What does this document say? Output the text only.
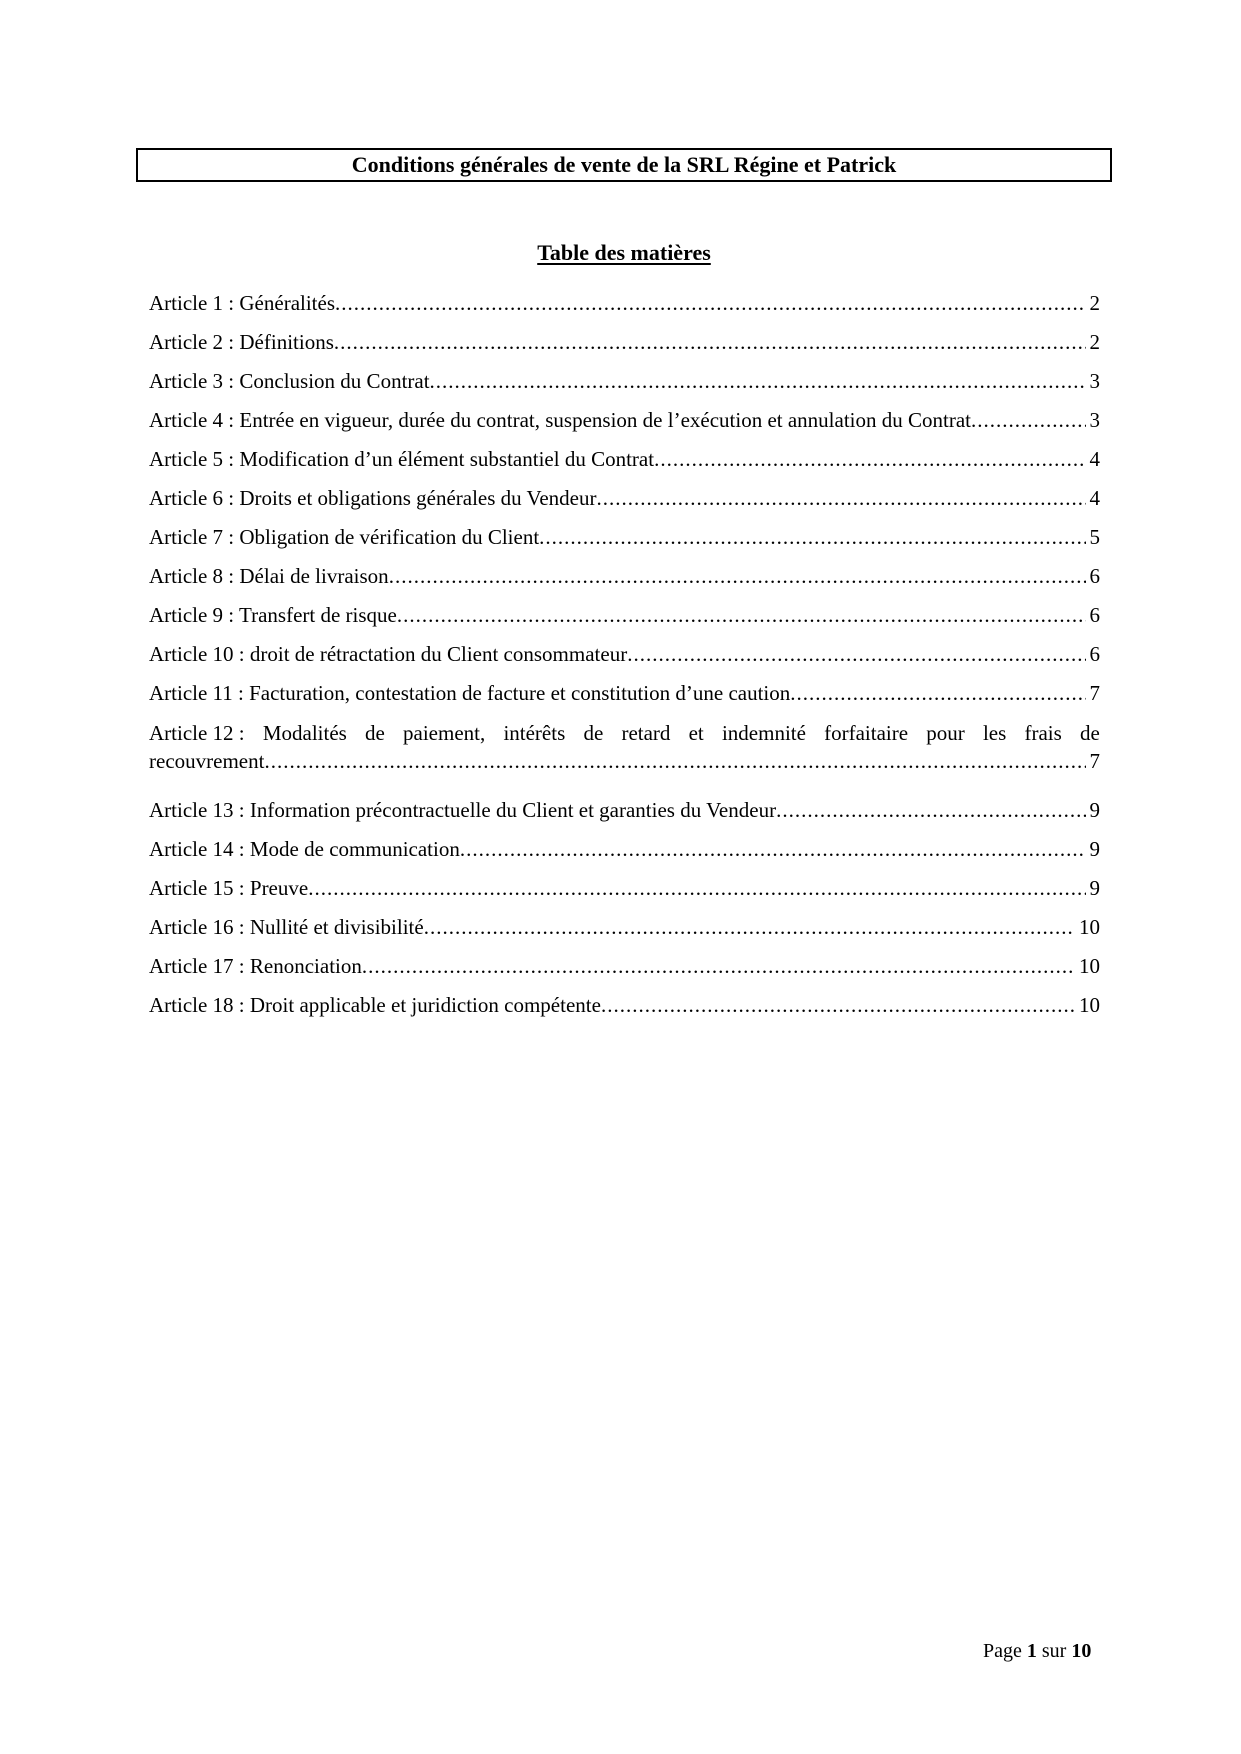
Conditions générales de vente de la SRL Régine et Patrick
Table des matières
Article 1 : Généralités .....	2
Article 2 : Définitions .....	2
Article 3 : Conclusion du Contrat .....	3
Article 4 : Entrée en vigueur, durée du contrat, suspension de l’exécution et annulation du Contrat .....	3
Article 5 : Modification d’un élément substantiel du Contrat .....	4
Article 6 : Droits et obligations générales du Vendeur .....	4
Article 7 : Obligation de vérification du Client .....	5
Article 8 : Délai de livraison .....	6
Article 9 : Transfert de risque .....	6
Article 10 : droit de rétractation du Client consommateur .....	6
Article 11 : Facturation, contestation de facture et constitution d’une caution .....	7
Article 12 : Modalités de paiement, intérêts de retard et indemnité forfaitaire pour les frais de
recouvrement .....	7
Article 13 : Information précontractuelle du Client et garanties du Vendeur .....	9
Article 14 : Mode de communication .....	9
Article 15 : Preuve .....	9
Article 16 : Nullité et divisibilité .....	10
Article 17 : Renonciation .....	10
Article 18 : Droit applicable et juridiction compétente .....	10
Page 1 sur 10
